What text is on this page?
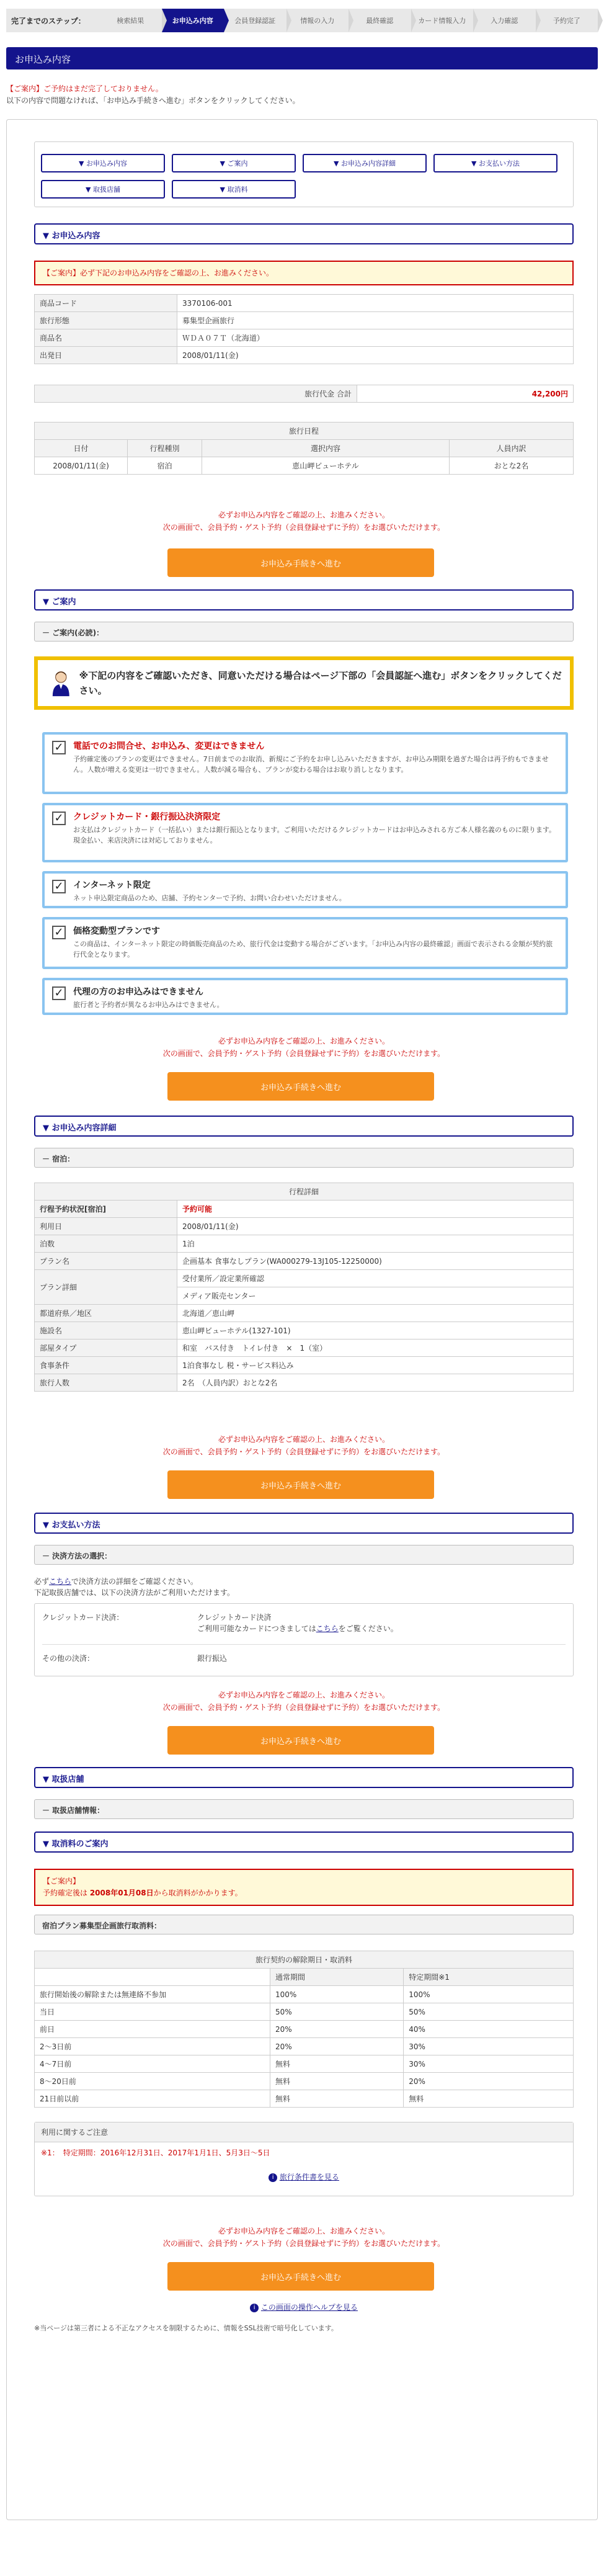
完了までのステップ：	検索結果	お申込み内容	会員登録認証	情報の入力	最終確認	カード情報入力	入力確認	予約完了
お申込み内容
【ご案内】ご予約はまだ完了しておりません。
以下の内容で問題なければ、「お申込み手続きへ進む」ボタンをクリックしてください。
▼ お申込み内容	▼ ご案内	▼ お申込み内容詳細	▼ お支払い方法
▼ 取扱店舗	▼ 取消料
▼ お申込み内容
【ご案内】必ず下記のお申込み内容をご確認の上、お進みください。
商品コード	3370106-001
旅行形態	募集型企画旅行
商品名	ＷＤＡ０７Ｔ（北海道）
出発日	2008/01/11(金)
旅行代金 合計	42,200円
旅行日程			
日付	行程種別	選択内容	人員内訳
2008/01/11(金)	宿泊	恵山岬ビューホテル	おとな2名
必ずお申込み内容をご確認の上、お進みください。
次の画面で、会員予約・ゲスト予約（会員登録せずに予約）をお選びいただけます。
お申込み手続きへ進む
▼ ご案内
－ ご案内(必読)：
※下記の内容をご確認いただき、同意いただける場合はページ下部の「会員認証へ進む」ボタンをクリックしてください。
✓ 電話でのお問合せ、お申込み、変更はできません
予約確定後のプランの変更はできません。7日前までのお取消、新規にご予約をお申し込みいただきますが、お申込み期限を過ぎた場合は再予約もできません。人数が増える変更は一切できません。人数が減る場合も、プランが変わる場合はお取り消しとなります。
✓ クレジットカード・銀行振込決済限定
お支払はクレジットカード（一括払い）または銀行振込となります。ご利用いただけるクレジットカードはお申込みされる方ご本人様名義のものに限ります。現金払い、来店決済には対応しておりません。
✓ インターネット限定
ネット申込限定商品のため、店舗、予約センターで予約、お問い合わせいただけません。
✓ 価格変動型プランです
この商品は、インターネット限定の時価販売商品のため、旅行代金は変動する場合がございます。「お申込み内容の最終確認」画面で表示される金額が契約旅行代金となります。
✓ 代理の方のお申込みはできません
旅行者と予約者が異なるお申込みはできません。
必ずお申込み内容をご確認の上、お進みください。
次の画面で、会員予約・ゲスト予約（会員登録せずに予約）をお選びいただけます。
お申込み手続きへ進む
▼ お申込み内容詳細
－ 宿泊：
行程詳細	
行程予約状況[宿泊]	予約可能
利用日	2008/01/11(金)
泊数	1泊
プラン名	企画基本 食事なしプラン(WA000279-13J105-12250000)
プラン詳細	受付業所／設定業所確認
	メディア販売センター
都道府県／地区	北海道／恵山岬
施設名	恵山岬ビューホテル(1327-101)
部屋タイプ	和室　バス付き　トイレ付き　×　1（室）
食事条件	1泊食事なし 税・サービス料込み
旅行人数	2名　（人員内訳）おとな2名
必ずお申込み内容をご確認の上、お進みください。
次の画面で、会員予約・ゲスト予約（会員登録せずに予約）をお選びいただけます。
お申込み手続きへ進む
▼ お支払い方法
－ 決済方法の選択：
必ずこちらで決済方法の詳細をご確認ください。
下記取扱店舗では、以下の決済方法がご利用いただけます。
クレジットカード決済：	クレジットカード決済
ご利用可能なカードにつきましてはこちらをご覧ください。
その他の決済：	銀行振込
必ずお申込み内容をご確認の上、お進みください。
次の画面で、会員予約・ゲスト予約（会員登録せずに予約）をお選びいただけます。
お申込み手続きへ進む
▼ 取扱店舗
－ 取扱店舗情報：
▼ 取消料のご案内
【ご案内】
予約確定後は 2008年01月08日から取消料がかかります。
宿泊プラン募集型企画旅行取消料：
旅行契約の解除期日・取消料		
	通常期間	特定期間※1
旅行開始後の解除または無連絡不参加	100%	100%
当日	50%	50%
前日	20%	40%
2〜3日前	20%	30%
4〜7日前	無料	30%
8〜20日前	無料	20%
21日前以前	無料	無料
利用に関するご注意
※1：　特定期間：2016年12月31日、2017年1月1日、5月3日〜5日
i 旅行条件書を見る
必ずお申込み内容をご確認の上、お進みください。
次の画面で、会員予約・ゲスト予約（会員登録せずに予約）をお選びいただけます。
お申込み手続きへ進む
i この画面の操作ヘルプを見る
※当ページは第三者による不正なアクセスを制限するために、情報をSSL技術で暗号化しています。
